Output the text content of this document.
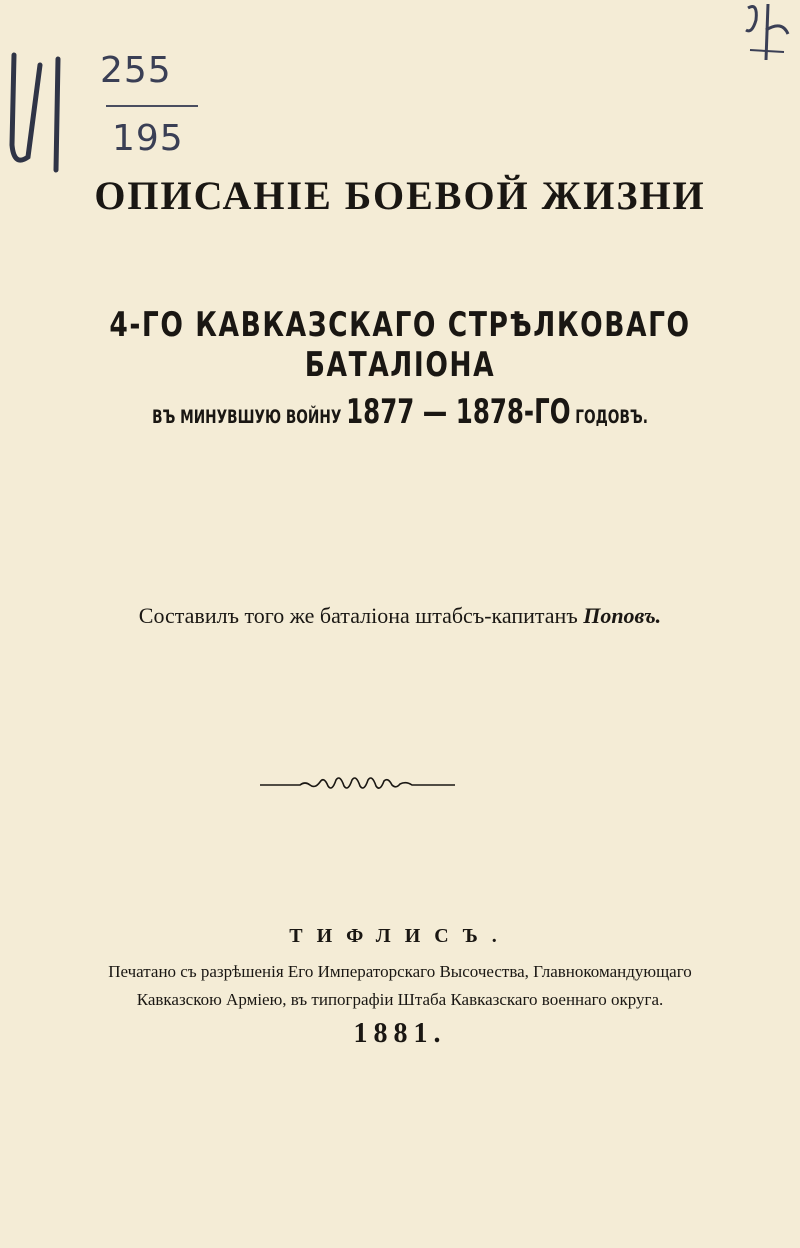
255
195
ОПИСАНІЕ БОЕВОЙ ЖИЗНИ
4-ГО КАВКАЗСКАГО СТРѢЛКОВАГО БАТАЛІОНА
ВЪ МИНУВШУЮ ВОЙНУ 1877 — 1878-ГО ГОДОВЪ.
Составилъ того же баталіона штабсъ-капитанъ Поповъ.
ТИФЛИСЪ.
Печатано съ разрѣшенія Его Императорскаго Высочества, Главнокомандующаго
Кавказскою Арміею, въ типографіи Штаба Кавказскаго военнаго округа.
1881.
